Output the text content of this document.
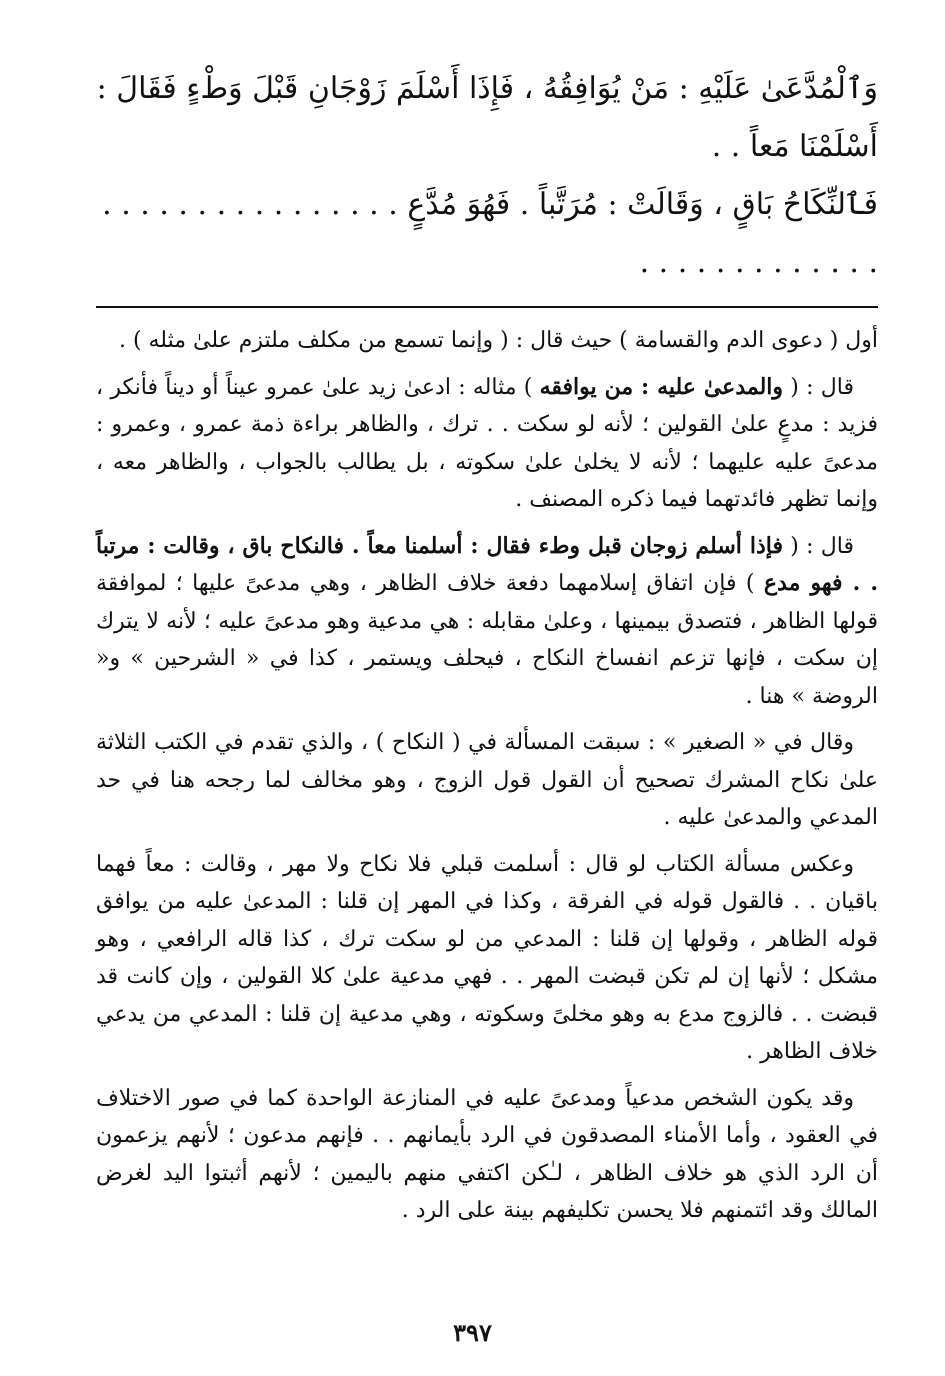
وَٱلْمُدَّعَىٰ عَلَيْهِ : مَنْ يُوَافِقُهُ ، فَإِذَا أَسْلَمَ زَوْجَانِ قَبْلَ وَطْءٍ فَقَالَ : أَسْلَمْنَا مَعاً . .

فَٱلنِّكَاحُ بَاقٍ ، وَقَالَتْ : مُرَتَّباً . فَهُوَ مُدَّعٍ . . . . . . . . . . . . . . . . . . . . . . . . . . . . .

أول ( دعوى الدم والقسامة ) حيث قال : ( وإنما تسمع من مكلف ملتزم علىٰ مثله ) .

قال : ( والمدعىٰ عليه : من يوافقه ) مثاله : ادعىٰ زيد علىٰ عمرو عيناً أو ديناً فأنكر ، فزيد : مدعٍ علىٰ القولين ؛ لأنه لو سكت . . ترك ، والظاهر براءة ذمة عمرو ، وعمرو : مدعىً عليه عليهما ؛ لأنه لا يخلىٰ علىٰ سكوته ، بل يطالب بالجواب ، والظاهر معه ، وإنما تظهر فائدتهما فيما ذكره المصنف .

قال : ( فإذا أسلم زوجان قبل وطء فقال : أسلمنا معاً . فالنكاح باق ، وقالت : مرتباً . . فهو مدع ) فإن اتفاق إسلامهما دفعة خلاف الظاهر ، وهي مدعىً عليها ؛ لموافقة قولها الظاهر ، فتصدق بيمينها ، وعلىٰ مقابله : هي مدعية وهو مدعىً عليه ؛ لأنه لا يترك إن سكت ، فإنها تزعم انفساخ النكاح ، فيحلف ويستمر ، كذا في « الشرحين » و« الروضة » هنا .

وقال في « الصغير » : سبقت المسألة في ( النكاح ) ، والذي تقدم في الكتب الثلاثة علىٰ نكاح المشرك تصحيح أن القول قول الزوج ، وهو مخالف لما رجحه هنا في حد المدعي والمدعىٰ عليه .

وعكس مسألة الكتاب لو قال : أسلمت قبلي فلا نكاح ولا مهر ، وقالت : معاً فهما باقيان . . فالقول قوله في الفرقة ، وكذا في المهر إن قلنا : المدعىٰ عليه من يوافق قوله الظاهر ، وقولها إن قلنا : المدعي من لو سكت ترك ، كذا قاله الرافعي ، وهو مشكل ؛ لأنها إن لم تكن قبضت المهر . . فهي مدعية علىٰ كلا القولين ، وإن كانت قد قبضت . . فالزوج مدع به وهو مخلىً وسكوته ، وهي مدعية إن قلنا : المدعي من يدعي خلاف الظاهر .

وقد يكون الشخص مدعياً ومدعىً عليه في المنازعة الواحدة كما في صور الاختلاف في العقود ، وأما الأمناء المصدقون في الرد بأيمانهم . . فإنهم مدعون ؛ لأنهم يزعمون أن الرد الذي هو خلاف الظاهر ، لـٰكن اكتفي منهم باليمين ؛ لأنهم أثبتوا اليد لغرض المالك وقد ائتمنهم فلا يحسن تكليفهم بينة على الرد .

٣٩٧
